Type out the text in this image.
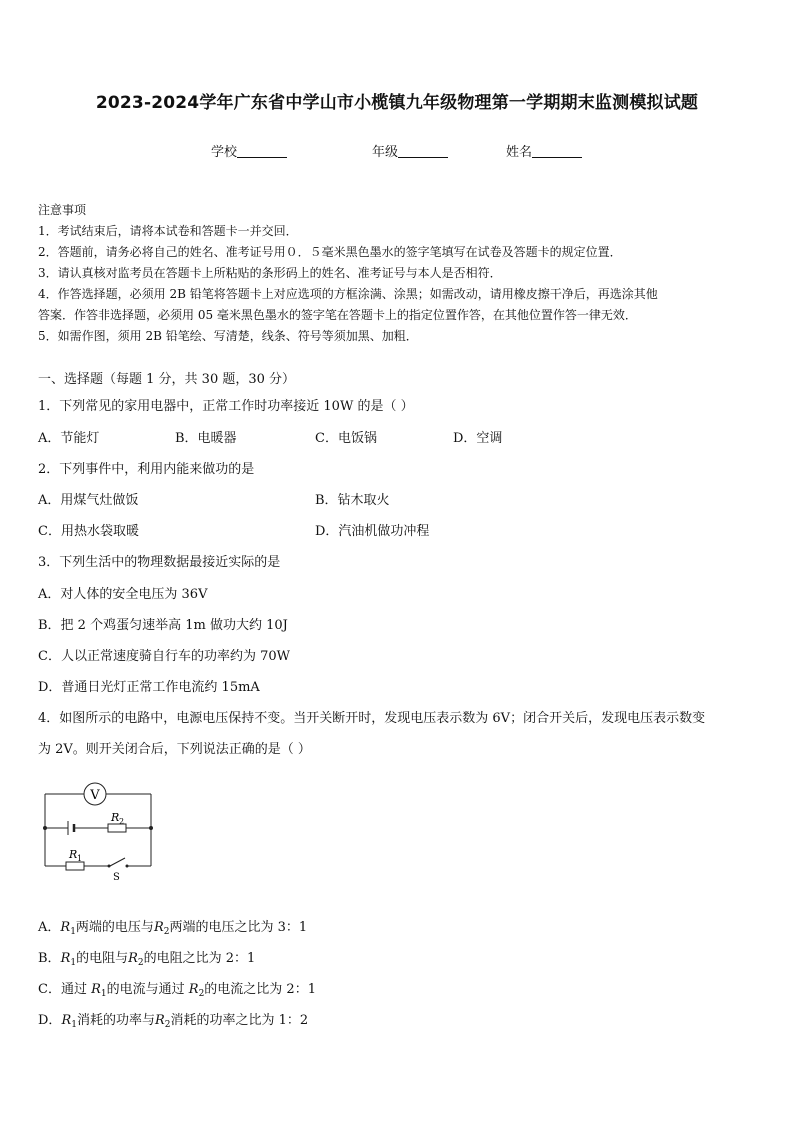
2023-2024学年广东省中学山市小榄镇九年级物理第一学期期末监测模拟试题
学校	年级	姓名
注意事项
1．考试结束后，请将本试卷和答题卡一并交回．
2．答题前，请务必将自己的姓名、准考证号用０．５毫米黑色墨水的签字笔填写在试卷及答题卡的规定位置．
3．请认真核对监考员在答题卡上所粘贴的条形码上的姓名、准考证号与本人是否相符．
4．作答选择题，必须用 2B 铅笔将答题卡上对应选项的方框涂满、涂黑；如需改动，请用橡皮擦干净后，再选涂其他
答案．作答非选择题，必须用 05 毫米黑色墨水的签字笔在答题卡上的指定位置作答，在其他位置作答一律无效．
5．如需作图，须用 2B 铅笔绘、写清楚，线条、符号等须加黑、加粗．
一、选择题（每题 1 分，共 30 题，30 分）
1．下列常见的家用电器中，正常工作时功率接近 10W 的是（ ）
A．节能灯	B．电暖器	C．电饭锅	D．空调
2．下列事件中，利用内能来做功的是
A．用煤气灶做饭	B．钻木取火
C．用热水袋取暖	D．汽油机做功冲程
3．下列生活中的物理数据最接近实际的是
A．对人体的安全电压为 36V
B．把 2 个鸡蛋匀速举高 1m 做功大约 10J
C．人以正常速度骑自行车的功率约为 70W
D．普通日光灯正常工作电流约 15mA
4．如图所示的电路中，电源电压保持不变。当开关断开时，发现电压表示数为 6V；闭合开关后，发现电压表示数变
为 2V。则开关闭合后，下列说法正确的是（ ）
V
R 2
R 1
S
A．$R_1$两端的电压与$R_2$两端的电压之比为 3：1
B．$R_1$的电阻与$R_2$的电阻之比为 2：1
C．通过 $R_1$的电流与通过 $R_2$的电流之比为 2：1
D．$R_1$消耗的功率与$R_2$消耗的功率之比为 1：2
